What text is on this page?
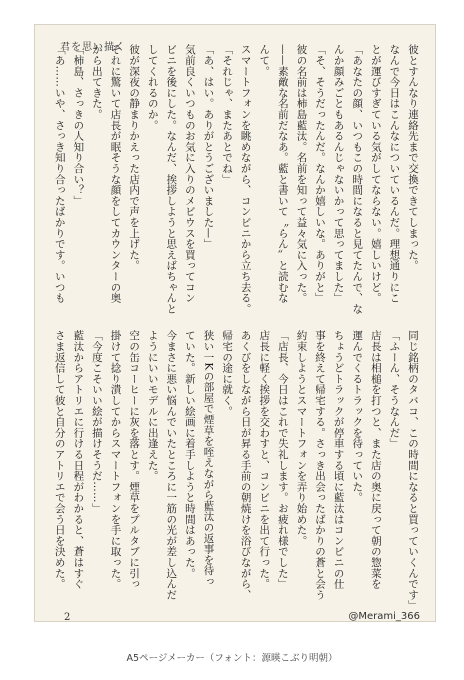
君を思い描く	彼とすんなり連絡先まで交換できてしまった。
なんで今日はこんなについているんだ。理想通りにこ
とが運びすぎている気がしてならない。嬉しいけど。
「あなたの顔、いつもこの時間になると見てたんで、な
んか顔みごともあるんじゃないかって思ってました」
「そ、そうだったんだ。なんか嬉しいな。ありがと」
彼の名前は柿島藍汰。名前を知って益々気に入った。
——素敵な名前だなあ。藍と書いて〝らん〟と読むな
んて。
スマートフォンを眺めながら、コンビニから立ち去る。
「それじゃ、またあとでね」
「あ、はい。ありがとうございました—」
気前良くいつものお気に入りのメビウスを買ってコン
ビニを後にした。なんだ、挨拶しようと思えばちゃんと
してくれるのか。
彼が深夜の静まりかえった店内で声を上げた。
それに驚いて店長が眠そうな顔をしてカウンターの奥
から出てきた。
「柿島、さっきの人知り合い？」
「あ……いや、さっき知り合ったばかりです。いつも
同じ銘柄のタバコ、この時間になると買っていくんです」
「ふーん、そうなんだ」
店長は相槌を打つと、また店の奥に戻って朝の惣菜を
運んでくるトラックを待っていた。
ちょうどトラックが停車する頃に藍汰はコンビニの仕
事を終えて帰宅する。さっき出会ったばかりの蒼と会う
約束しようとスマートフォンを弄り始めた。
「店長、今日はこれで失礼します。お疲れ様でした」
店長に軽く挨拶を交わすと、コンビニを出て行った。
あくびをしながら日が昇る手前の朝焼けを浴びながら、
帰宅の途に就く。
狭い一Kの部屋で煙草を咥えながら藍汰の返事を待っ
ていた。新しい絵画に着手しようと時間はあった。
今まさに悪い悩んでいたところに一筋の光が差し込んだ
ようにいいモデルに出逢えた。
空の缶コーヒーに灰を落とす。煙草をプルタブに引っ
掛けて捻り潰してからスマートフォンを手に取った。
「今度こそいい絵が描けそうだ……」
藍汰からアトリエに行ける日程がわかると、蒼はすぐ
さま返信して彼と自分のアトリエで会う日を決めた。
2	@Merami_366
A5ページメーカー（フォント：源暎こぶり明朝）
